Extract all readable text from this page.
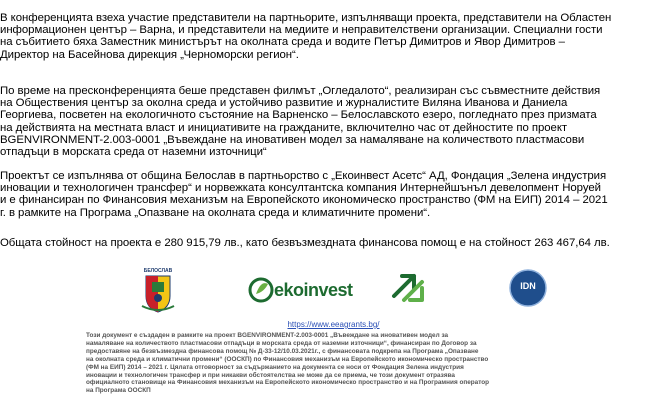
В конференцията взеха участие представители на партньорите, изпълняващи проекта, представители на Областен
информационен център – Варна, и представители на медиите и неправителствени организации. Специални гости
на събитието бяха Заместник министърът на околната среда и водите Петър Димитров и Явор Димитров –
Директор на Басейнова дирекция „Черноморски регион“.

По време на пресконференцията беше представен филмът „Огледалото“, реализиран със съвместните действия
на Обществения център за околна среда и устойчиво развитие и журналистите Виляна Иванова и Даниела
Георгиева, посветен на екологичното състояние на Варненско – Белославското езеро, погледнато през призмата
на действията на местната власт и инициативите на гражданите, включително час от дейностите по проект
BGENVIRONMENT-2.003-0001 „Въвеждане на иновативен модел за намаляване на количеството пластмасови
отпадъци в морската среда от наземни източници“

Проектът се изпълнява от община Белослав в партньорство с „Екоинвест Асетс“ АД, Фондация „Зелена индустрия
иновации и технологичен трансфер“ и норвежката консултантска компания Интернейшънъл девелопмент Норуей
и е финансиран по Финансовия механизъм на Европейското икономическо пространство (ФМ на ЕИП) 2014 – 2021
г. в рамките на Програма „Опазване на околната среда и климатичните промени“.

Общата стойност на проекта е 280 915,79 лв., като безвъзмездната финансова помощ е на стойност 263 467,64 лв.

БЕЛОСЛАВ
ekoinvest	IDN
https://www.eeagrants.bg/

Този документ е създаден в рамките на проект BGENVIRONMENT-2.003-0001 „Въвеждане на иновативен модел за
намаляване на количеството пластмасови отпадъци в морската среда от наземни източници“, финансиран по Договор за
предоставяне на безвъзмездна финансова помощ № Д-33-12/10.03.2021г., с финансовата подкрепа на Програма „Опазване
на околната среда и климатични промени“ (ООСКП) по Финансовия механизъм на Европейското икономическо пространство
(ФМ на ЕИП) 2014 – 2021 г. Цялата отговорност за съдържанието на документа се носи от Фондация Зелена индустрия
иновации и технологичен трансфер и при никакви обстоятелства не може да се приема, че този документ отразява
официалното становище на Финансовия механизъм на Европейското икономическо пространство и на Програмния оператор
на Програма ООСКП
